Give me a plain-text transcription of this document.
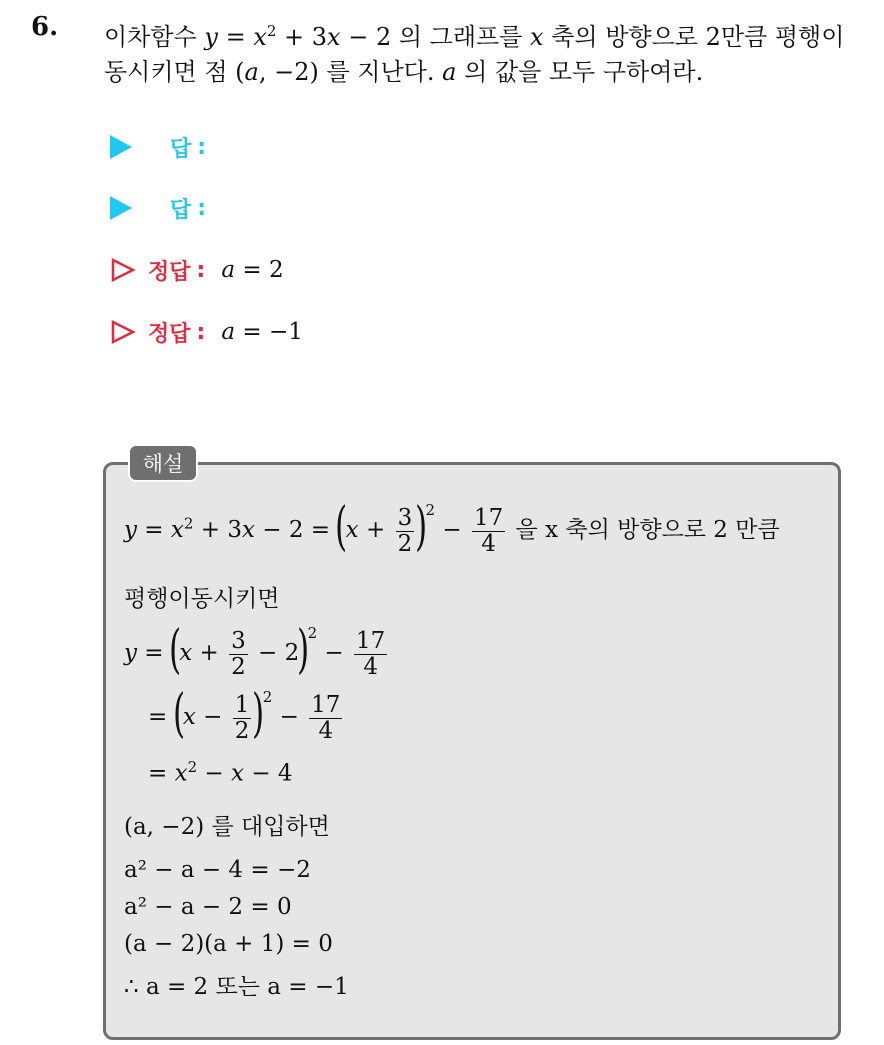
6. 이차함수 $y = x^2 + 3x - 2$ 의 그래프를 x 축의 방향으로 2만큼 평행이
동시키면 점 (a, −2) 를 지난다. a 의 값을 모두 구하여라.
답 :
답 :
정답 : a = 2
정답 : a = −1
해설
$y = x^2 + 3x - 2 = (x + \frac{3}{2} )^2 - \frac{17}{4}$ 을 x 축의 방향으로 2 만큼
평행이동시키면
$y = (x + \frac{3}{2} - 2)^2 - \frac{17}{4}$
= $(x - \frac{1}{2} )^2 - \frac{17}{4}$
= $x^2 - x - 4$
(a, −2) 를 대입하면
a² − a − 4 = −2
a² − a − 2 = 0
(a − 2)(a + 1) = 0
∴ a = 2 또는 a = −1
